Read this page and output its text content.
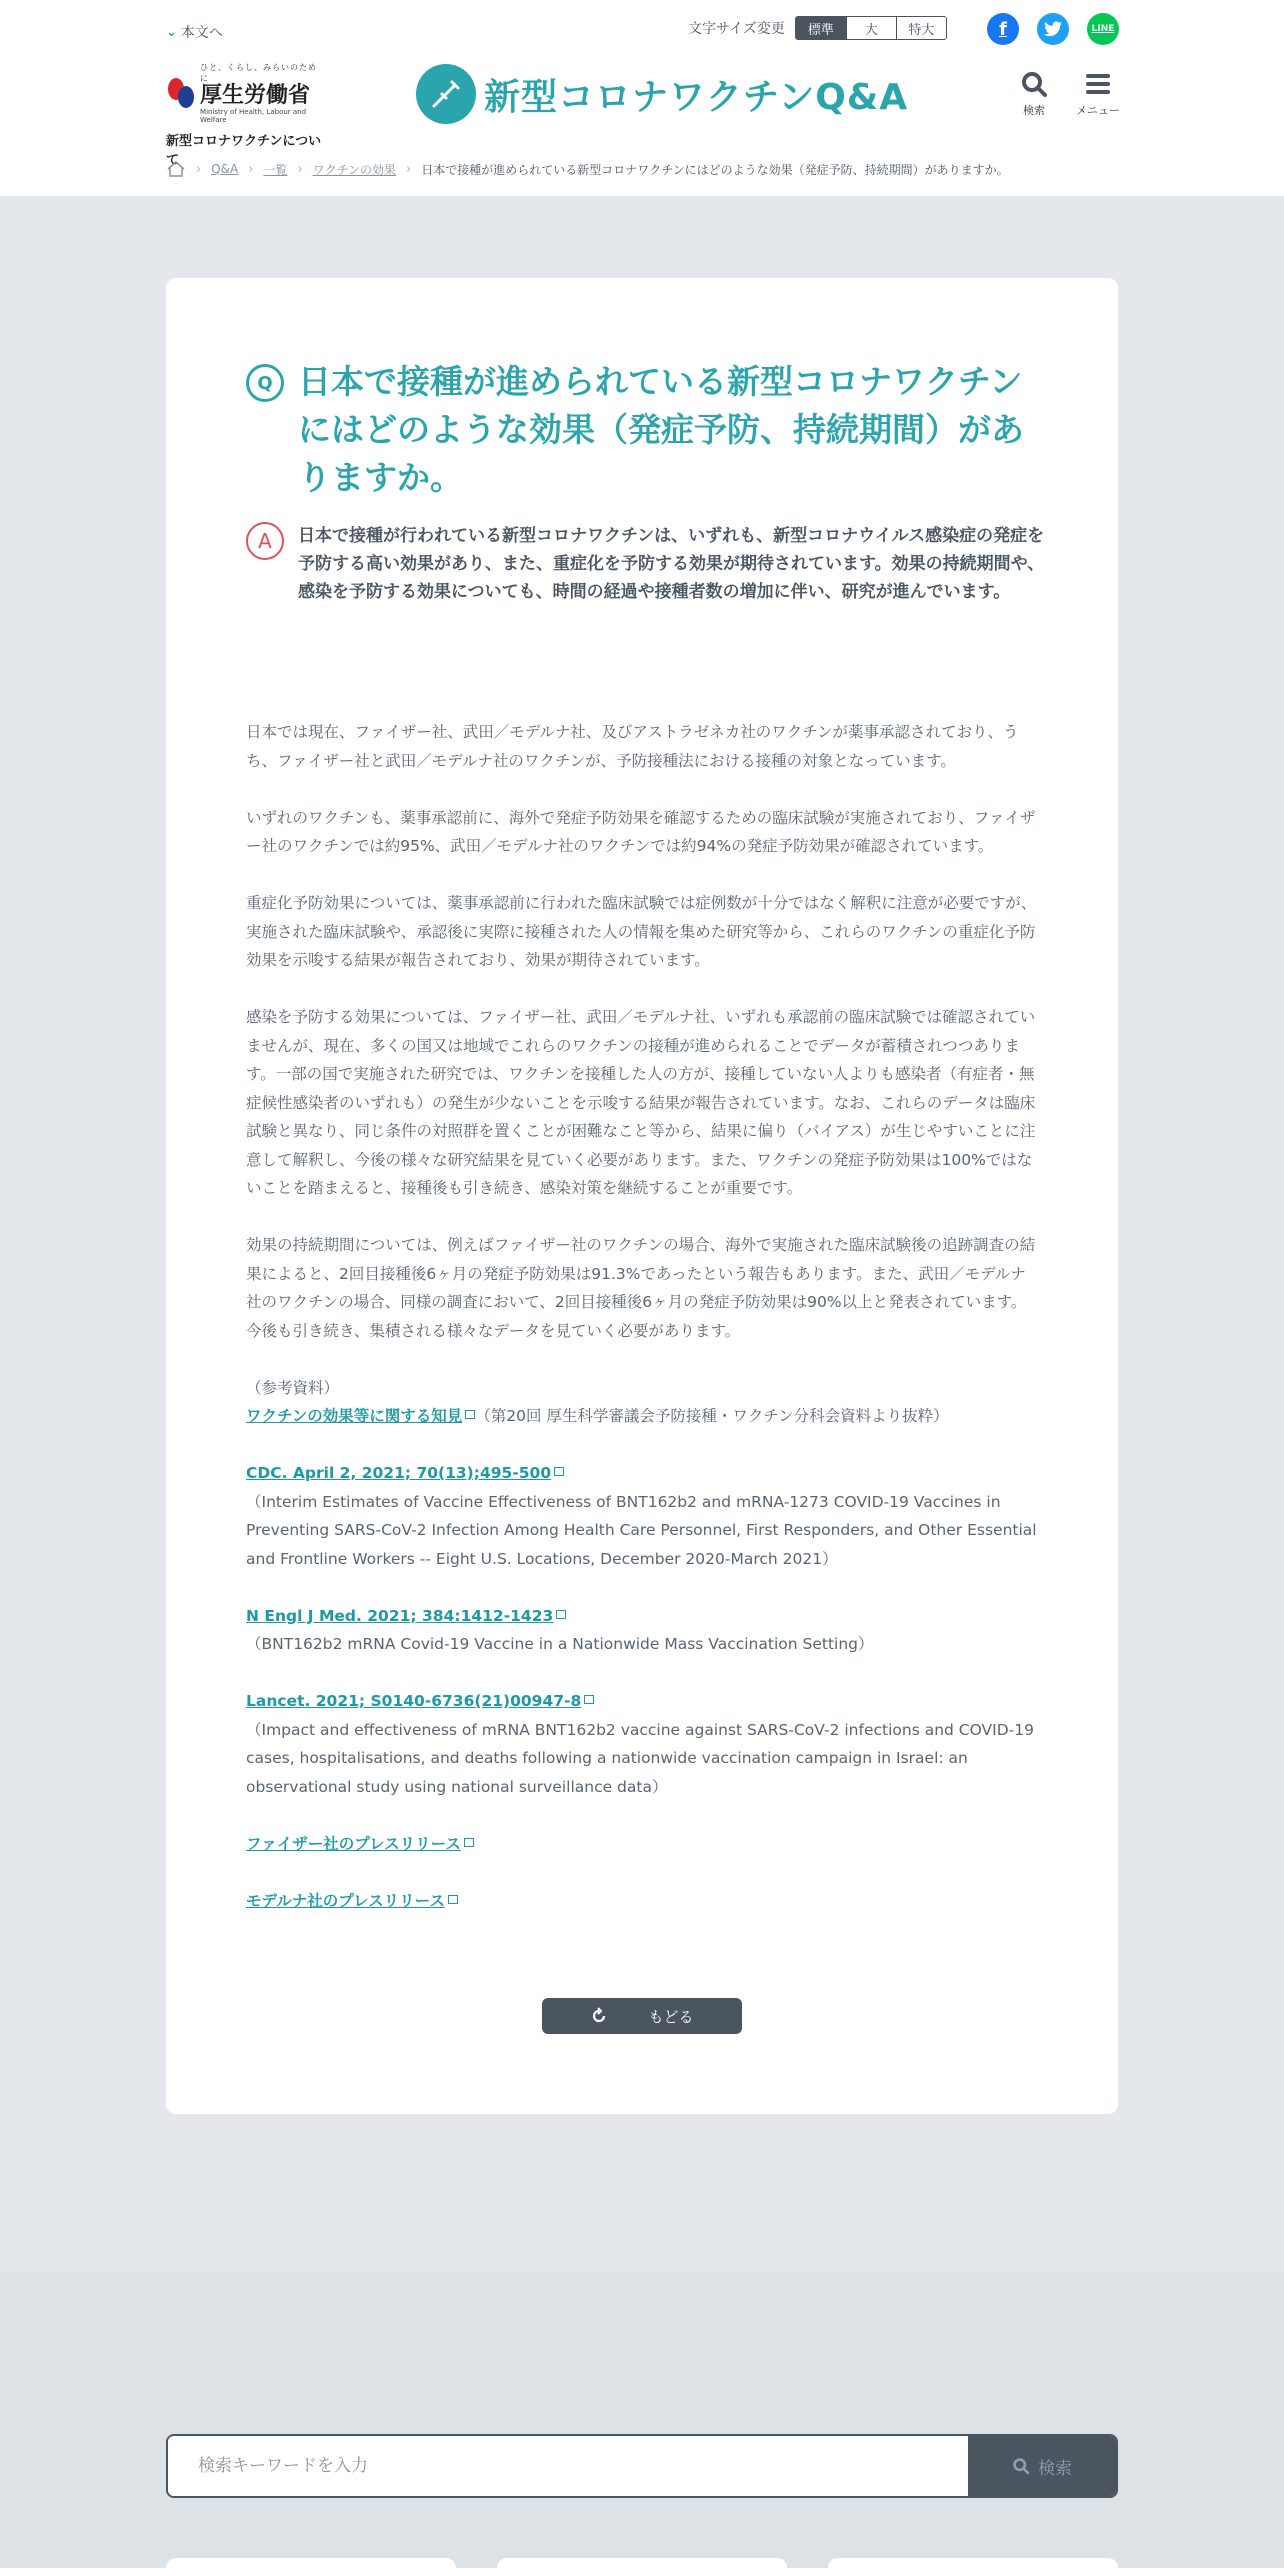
⌄ 本文へ	文字サイズ変更	標準	大	特大	f	LINE
ひと、くらし、みらいのために
厚生労働省
Ministry of Health, Labour and Welfare
新型コロナワクチンについて
新型コロナワクチンQ&A	検索	メニュー
› Q&A › 一覧 › ワクチンの効果 › 日本で接種が進められている新型コロナワクチンにはどのような効果（発症予防、持続期間）がありますか。
Q 日本で接種が進められている新型コロナワクチンにはどのような効果（発症予防、持続期間）がありますか。
A	日本で接種が行われている新型コロナワクチンは、いずれも、新型コロナウイルス感染症の発症を予防する高い効果があり、また、重症化を予防する効果が期待されています。効果の持続期間や、感染を予防する効果についても、時間の経過や接種者数の増加に伴い、研究が進んでいます。

日本では現在、ファイザー社、武田／モデルナ社、及びアストラゼネカ社のワクチンが薬事承認されており、うち、ファイザー社と武田／モデルナ社のワクチンが、予防接種法における接種の対象となっています。

いずれのワクチンも、薬事承認前に、海外で発症予防効果を確認するための臨床試験が実施されており、ファイザー社のワクチンでは約95%、武田／モデルナ社のワクチンでは約94%の発症予防効果が確認されています。

重症化予防効果については、薬事承認前に行われた臨床試験では症例数が十分ではなく解釈に注意が必要ですが、実施された臨床試験や、承認後に実際に接種された人の情報を集めた研究等から、これらのワクチンの重症化予防効果を示唆する結果が報告されており、効果が期待されています。

感染を予防する効果については、ファイザー社、武田／モデルナ社、いずれも承認前の臨床試験では確認されていませんが、現在、多くの国又は地域でこれらのワクチンの接種が進められることでデータが蓄積されつつあります。一部の国で実施された研究では、ワクチンを接種した人の方が、接種していない人よりも感染者（有症者・無症候性感染者のいずれも）の発生が少ないことを示唆する結果が報告されています。なお、これらのデータは臨床試験と異なり、同じ条件の対照群を置くことが困難なこと等から、結果に偏り（バイアス）が生じやすいことに注意して解釈し、今後の様々な研究結果を見ていく必要があります。また、ワクチンの発症予防効果は100%ではないことを踏まえると、接種後も引き続き、感染対策を継続することが重要です。

効果の持続期間については、例えばファイザー社のワクチンの場合、海外で実施された臨床試験後の追跡調査の結果によると、2回目接種後6ヶ月の発症予防効果は91.3%であったという報告もあります。また、武田／モデルナ社のワクチンの場合、同様の調査において、2回目接種後6ヶ月の発症予防効果は90%以上と発表されています。今後も引き続き、集積される様々なデータを見ていく必要があります。

（参考資料）

ワクチンの効果等に関する知見 （第20回 厚生科学審議会予防接種・ワクチン分科会資料より抜粋）
CDC. April 2, 2021; 70(13);495-500
（Interim Estimates of Vaccine Effectiveness of BNT162b2 and mRNA-1273 COVID-19 Vaccines in Preventing SARS-CoV-2 Infection Among Health Care Personnel, First Responders, and Other Essential and Frontline Workers -- Eight U.S. Locations, December 2020-March 2021）
N Engl J Med. 2021; 384:1412-1423
（BNT162b2 mRNA Covid-19 Vaccine in a Nationwide Mass Vaccination Setting）
Lancet. 2021; S0140-6736(21)00947-8
（Impact and effectiveness of mRNA BNT162b2 vaccine against SARS-CoV-2 infections and COVID-19 cases, hospitalisations, and deaths following a nationwide vaccination campaign in Israel: an observational study using national surveillance data）
ファイザー社のプレスリリース
モデルナ社のプレスリリース
もどる
検索キーワードを入力
検索
